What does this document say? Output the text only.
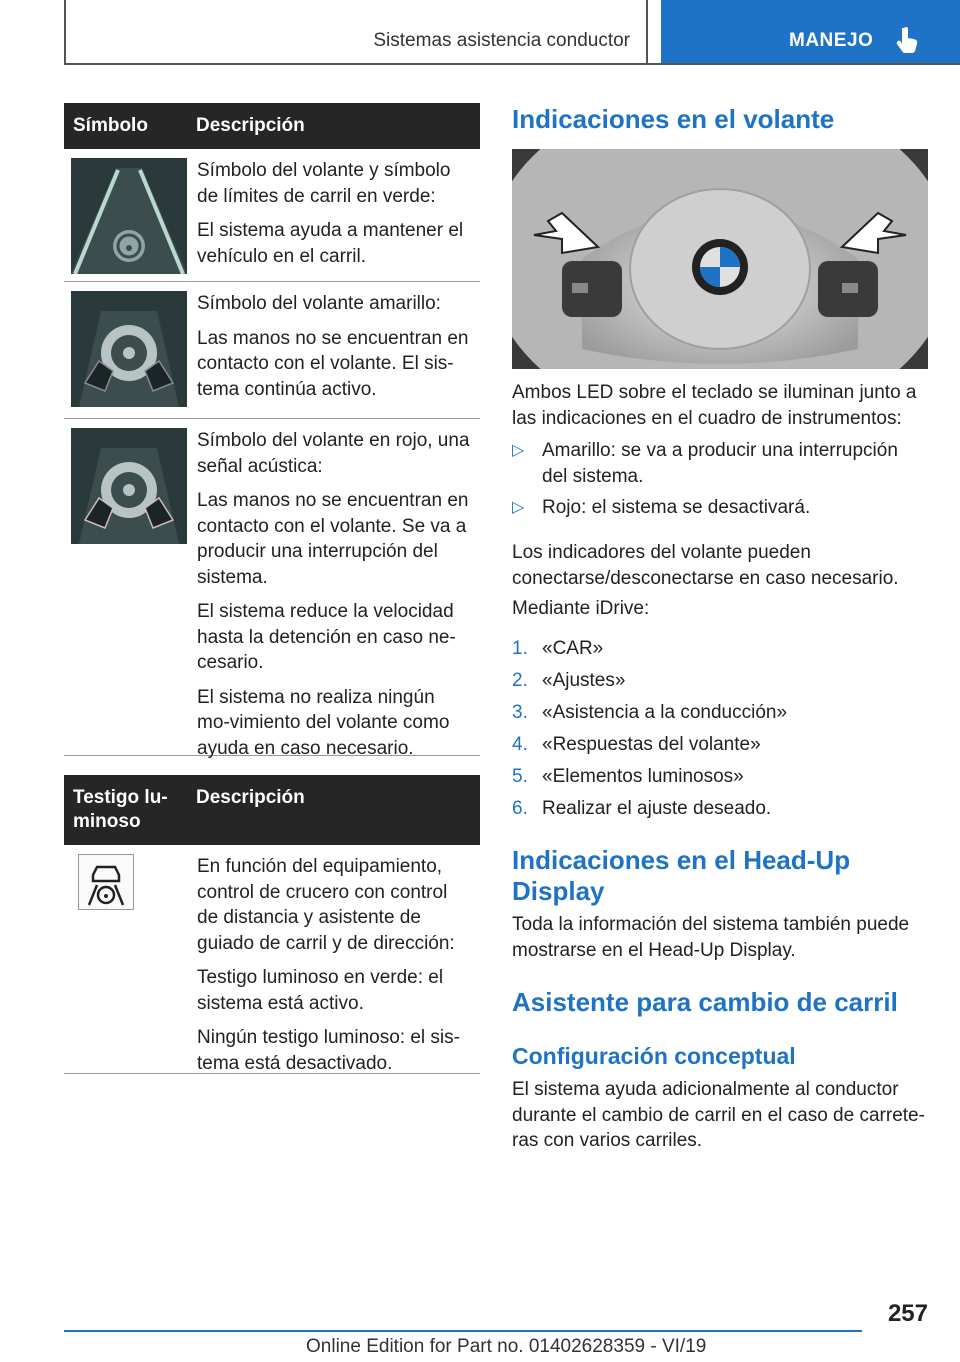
Sistemas asistencia conductor	MANEJO
Símbolo	Descripción

Símbolo del volante y símbolo de límites de carril en verde:

El sistema ayuda a mantener el vehículo en el carril.

Símbolo del volante amarillo:

Las manos no se encuentran en contacto con el volante. El sis-tema continúa activo.

Símbolo del volante en rojo, una señal acústica:

Las manos no se encuentran en contacto con el volante. Se va a producir una interrupción del sistema.

El sistema reduce la velocidad hasta la detención en caso ne-cesario.

El sistema no realiza ningún mo-vimiento del volante como ayuda en caso necesario.

Testigo lu-minoso
Descripción

En función del equipamiento, control de crucero con control de distancia y asistente de guiado de carril y de dirección:

Testigo luminoso en verde: el sistema está activo.

Ningún testigo luminoso: el sis-tema está desactivado.

Indicaciones en el volante

Ambos LED sobre el teclado se iluminan junto a las indicaciones en el cuadro de instrumentos:

▷ Amarillo: se va a producir una interrupción del sistema.
▷ Rojo: el sistema se desactivará.

Los indicadores del volante pueden conectarse/desconectarse en caso necesario.

Mediante iDrive:

1. «CAR»
2. «Ajustes»
3. «Asistencia a la conducción»
4. «Respuestas del volante»
5. «Elementos luminosos»
6. Realizar el ajuste deseado.
Indicaciones en el Head-Up Display

Toda la información del sistema también puede mostrarse en el Head-Up Display.

Asistente para cambio de carril
Configuración conceptual

El sistema ayuda adicionalmente al conductor durante el cambio de carril en el caso de carrete-ras con varios carriles.

257
Online Edition for Part no. 01402628359 - VI/19
